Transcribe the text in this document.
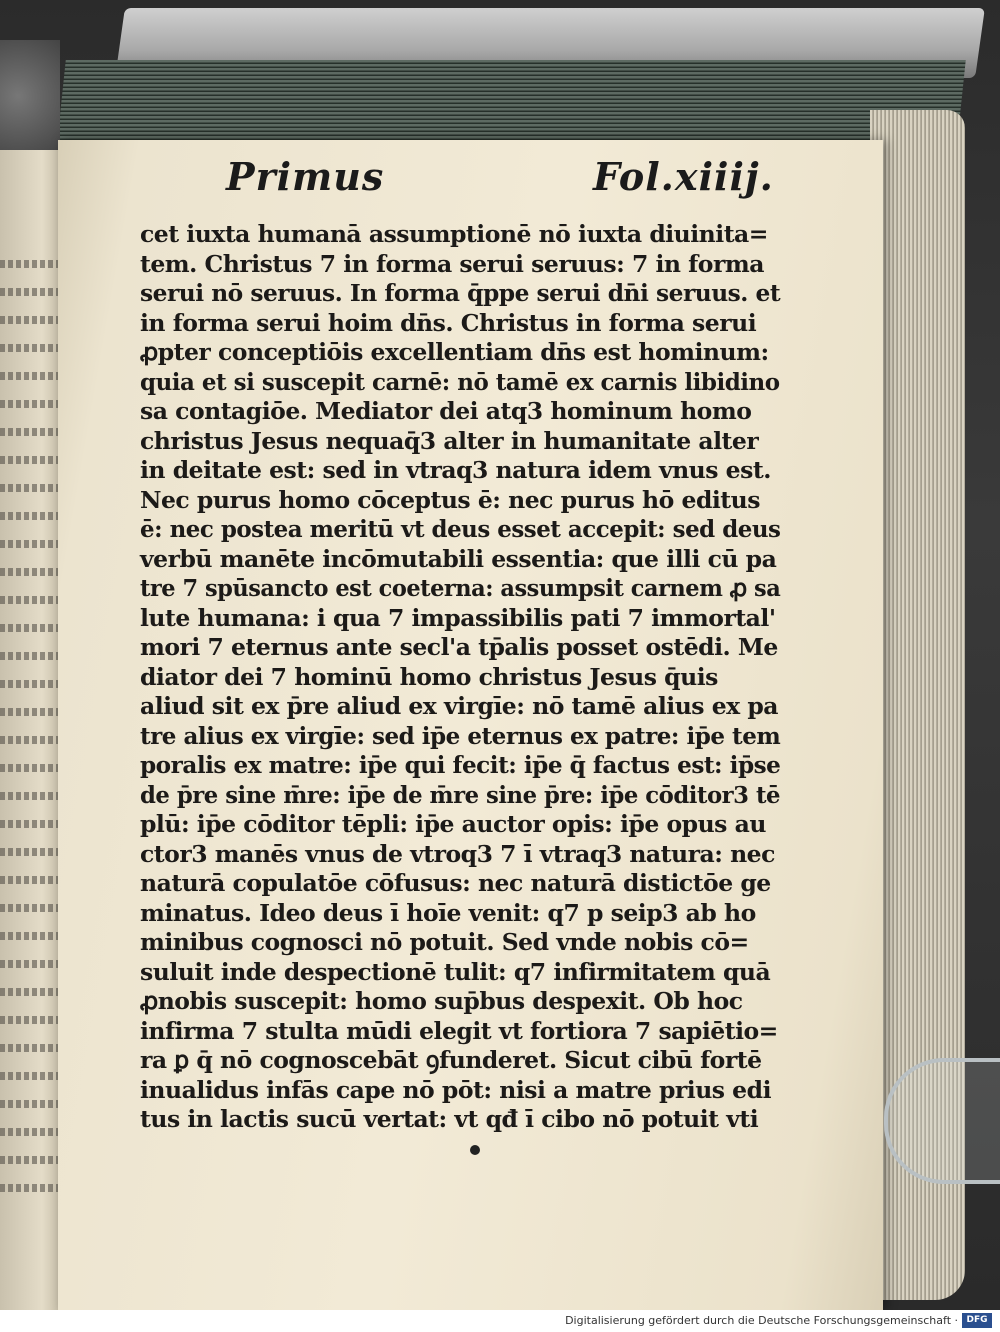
Primus	Fol.xiiij.
cet iuxta humanā assumptionē nō iuxta diuinita=
tem. Christus 7 in forma serui seruus: 7 in forma
serui nō seruus. In forma q̄ppe serui dn̄i seruus. et
in forma serui hoim dn̄s. Christus in forma serui
ꝓpter conceptiōis excellentiam dn̄s est hominum:
quia et si suscepit carnē: nō tamē ex carnis libidino
sa contagiōe. Mediator dei atq3 hominum homo
christus Jesus nequaq̄3 alter in humanitate alter
in deitate est: sed in vtraq3 natura idem vnus est.
Nec purus homo cōceptus ē: nec purus hō editus
ē: nec postea meritū vt deus esset accepit: sed deus
verbū manēte incōmutabili essentia: que illi cū pa
tre 7 spūsancto est coeterna: assumpsit carnem ꝓ sa
lute humana: i qua 7 impassibilis pati 7 immortal'
mori 7 eternus ante secl'a tp̄alis posset ostēdi. Me
diator dei 7 hominū homo christus Jesus q̄uis
aliud sit ex p̄re aliud ex virgīe: nō tamē alius ex pa
tre alius ex virgīe: sed ip̄e eternus ex patre: ip̄e tem
poralis ex matre: ip̄e qui fecit: ip̄e q̄ factus est: ip̄se
de p̄re sine m̄re: ip̄e de m̄re sine p̄re: ip̄e cōditor3 tē
plū: ip̄e cōditor tēpli: ip̄e auctor opis: ip̄e opus au
ctor3 manēs vnus de vtroq3 7 ī vtraq3 natura: nec
naturā copulatōe cōfusus: nec naturā distictōe ge
minatus. Ideo deus ī hoīe venit: q7 p seip3 ab ho
minibus cognosci nō potuit. Sed vnde nobis cō=
suluit inde despectionē tulit: q7 infirmitatem quā
ꝓnobis suscepit: homo sup̄bus despexit. Ob hoc
infirma 7 stulta mūdi elegit vt fortiora 7 sapiētio=
ra ꝑ q̄ nō cognoscebāt ꝯfunderet. Sicut cibū fortē
inualidus infās cape nō pōt: nisi a matre prius edi
tus in lactis sucū vertat: vt qđ ī cibo nō potuit vti
Digitalisierung gefördert durch die Deutsche Forschungsgemeinschaft · DFG
